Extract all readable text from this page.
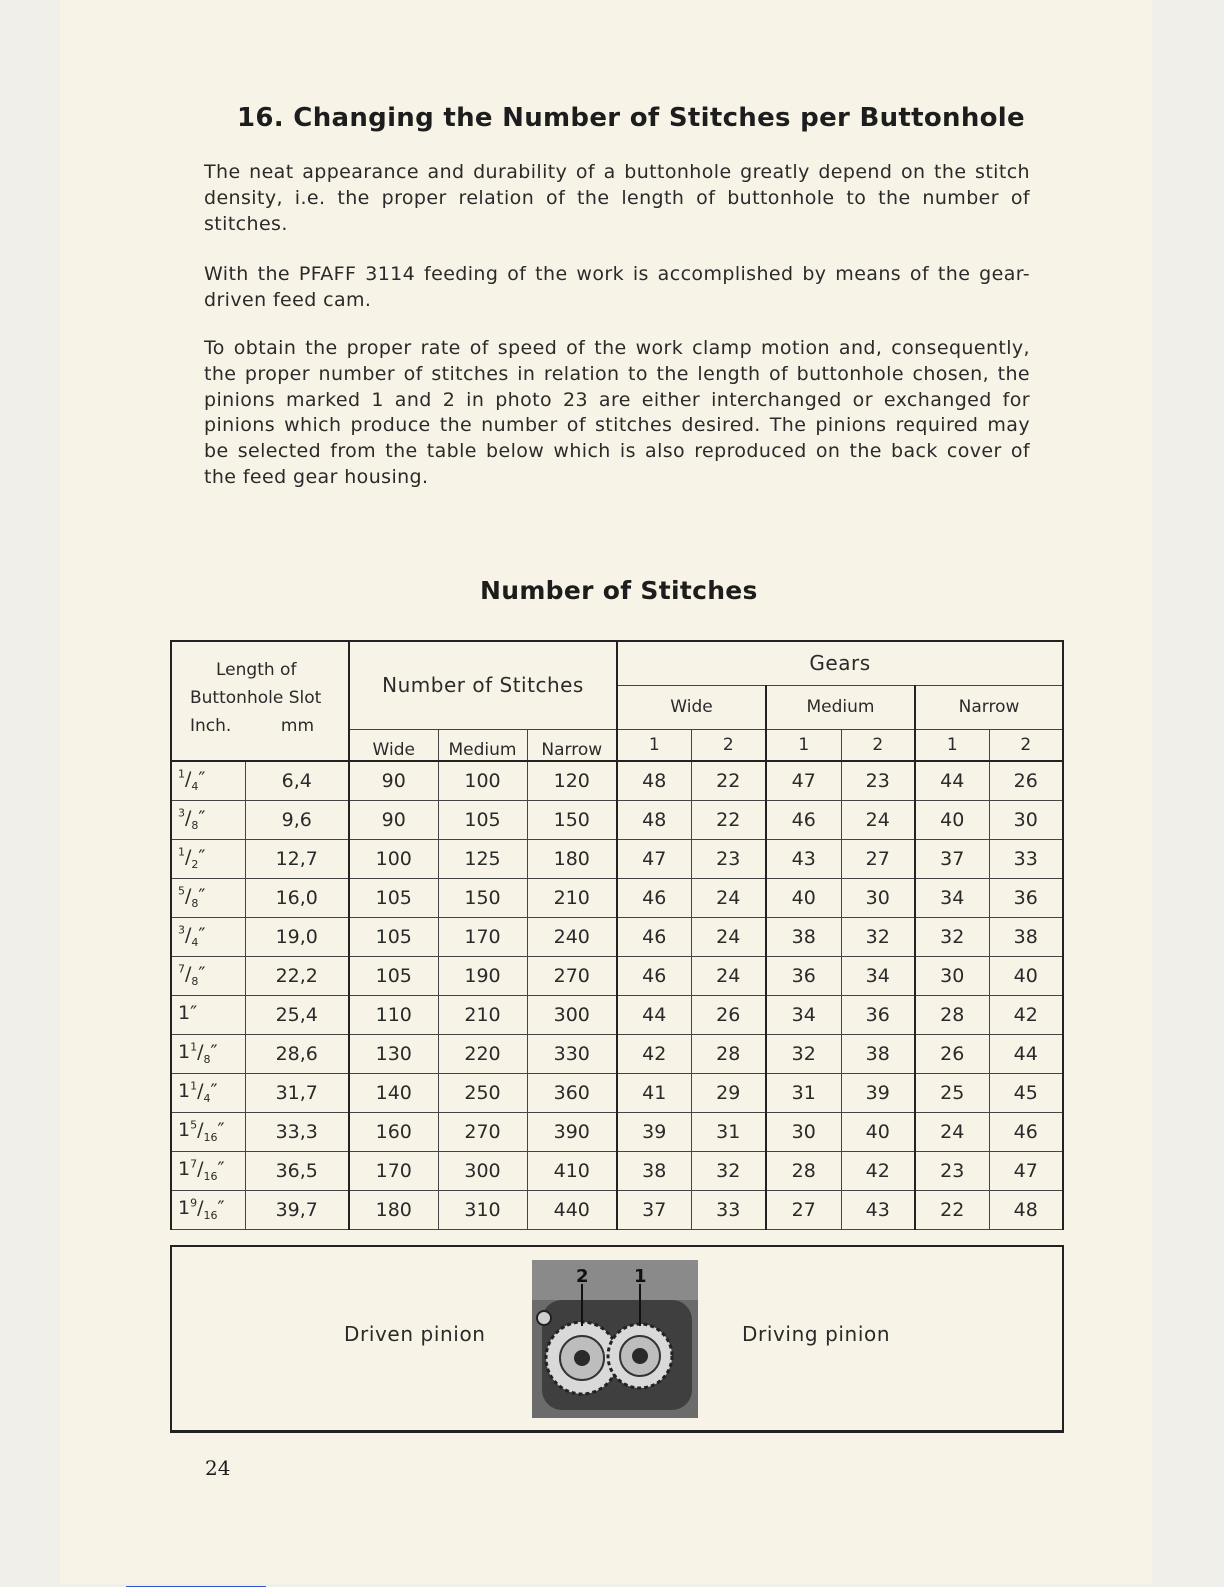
16. Changing the Number of Stitches per Buttonhole

The neat appearance and durability of a buttonhole greatly depend on the stitch density, i.e. the proper relation of the length of buttonhole to the number of stitches.

With the PFAFF 3114 feeding of the work is accomplished by means of the gear-driven feed cam.

To obtain the proper rate of speed of the work clamp motion and, consequently, the proper number of stitches in relation to the length of buttonhole chosen, the pinions marked 1 and 2 in photo 23 are either interchanged or exchanged for pinions which produce the number of stitches desired. The pinions required may be selected from the table below which is also reproduced on the back cover of the feed gear housing.

Number of Stitches
Length of
Buttonhole Slot
Inch. mm		Number of Stitches			Gears					
					Wide		Medium		Narrow	
		Wide	Medium	Narrow	1	2	1	2	1	2
$^1/_4''$	6,4	90	100	120	48	22	47	23	44	26
$^3/_8''$	9,6	90	105	150	48	22	46	24	40	30
$^1/_2''$	12,7	100	125	180	47	23	43	27	37	33
$^5/_8''$	16,0	105	150	210	46	24	40	30	34	36
$^3/_4''$	19,0	105	170	240	46	24	38	32	32	38
$^7/_8''$	22,2	105	190	270	46	24	36	34	30	40
1″	25,4	110	210	300	44	26	34	36	28	42
$1^1/_8''$	28,6	130	220	330	42	28	32	38	26	44
$1^1/_4''$	31,7	140	250	360	41	29	31	39	25	45
$1^5/_{16}''$	33,3	160	270	390	39	31	30	40	24	46
$1^7/_{16}''$	36,5	170	300	410	38	32	28	42	23	47
$1^9/_{16}''$	39,7	180	310	440	37	33	27	43	22	48
Driven pinion
2	1
Driving pinion
24
